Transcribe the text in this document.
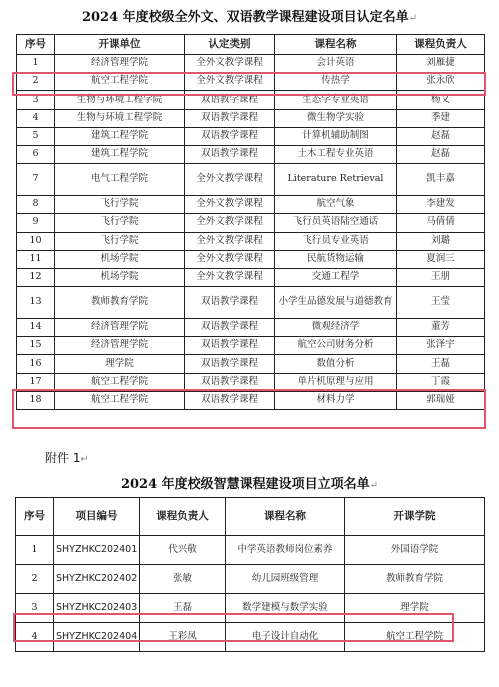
2024 年度校级全外文、双语教学课程建设项目认定名单↵
序号	开课单位	认定类别	课程名称	课程负责人
1	经济管理学院	全外文教学课程	会计英语	刘雁捷
2	航空工程学院	全外文教学课程	传热学	张永欣
3	生物与环境工程学院	双语教学课程	生态学专业英语	杨文
4	生物与环境工程学院	双语教学课程	微生物学实验	季建
5	建筑工程学院	双语教学课程	计算机辅助制图	赵磊
6	建筑工程学院	双语教学课程	土木工程专业英语	赵磊
7	电气工程学院	全外文教学课程	Literature Retrieval	凯丰嘉
8	飞行学院	全外文教学课程	航空气象	李建发
9	飞行学院	全外文教学课程	飞行员英语陆空通话	马倩倩
10	飞行学院	全外文教学课程	飞行员专业英语	刘璐
11	机场学院	全外文教学课程	民航货物运输	夏润三
12	机场学院	全外文教学课程	交通工程学	王朋
13	教师教育学院	双语教学课程	小学生品德发展与道德教育	王莹
14	经济管理学院	双语教学课程	微观经济学	董芳
15	经济管理学院	双语教学课程	航空公司财务分析	张泽宇
16	理学院	双语教学课程	数值分析	王磊
17	航空工程学院	双语教学课程	单片机原理与应用	丁霞
18	航空工程学院	双语教学课程	材料力学	郭瑞娅
附件 1↵
2024 年度校级智慧课程建设项目立项名单↵
序号	项目编号	课程负责人	课程名称	开课学院
1	SHYZHKC202401	代兴敬	中学英语教师岗位素养	外国语学院
2	SHYZHKC202402	张敏	幼儿园班级管理	教师教育学院
3	SHYZHKC202403	王磊	数学建模与数学实验	理学院
4	SHYZHKC202404	王彩凤	电子设计自动化	航空工程学院
